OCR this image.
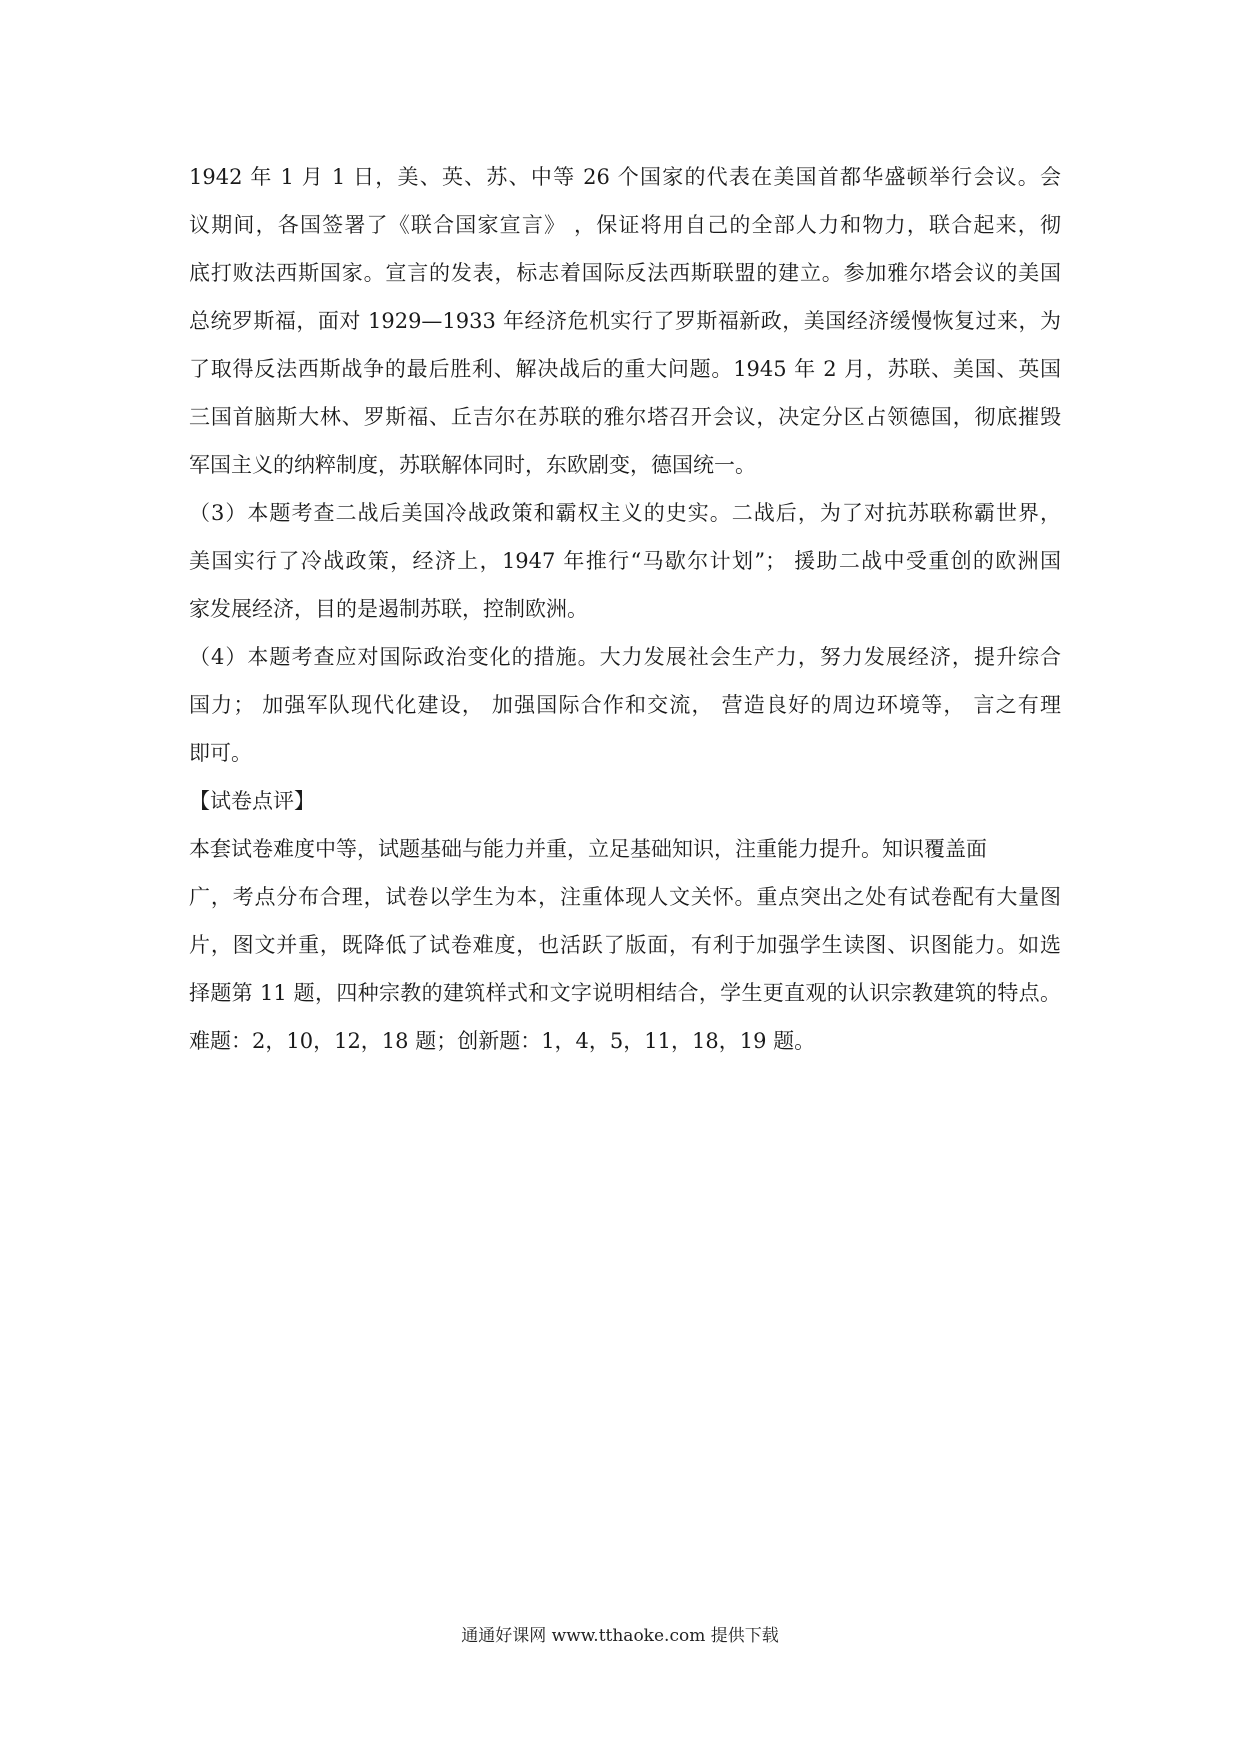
1942 年 1 月 1 日，美、英、苏、中等 26 个国家的代表在美国首都华盛顿举行会议。会
议期间，各国签署了《联合国家宣言》 ，保证将用自己的全部人力和物力，联合起来，彻
底打败法西斯国家。宣言的发表，标志着国际反法西斯联盟的建立。参加雅尔塔会议的美国
总统罗斯福，面对 1929—1933 年经济危机实行了罗斯福新政，美国经济缓慢恢复过来，为
了取得反法西斯战争的最后胜利、解决战后的重大问题。1945 年 2 月，苏联、美国、英国
三国首脑斯大林、罗斯福、丘吉尔在苏联的雅尔塔召开会议，决定分区占领德国，彻底摧毁
军国主义的纳粹制度，苏联解体同时，东欧剧变，德国统一。
（3）本题考查二战后美国冷战政策和霸权主义的史实。二战后，为了对抗苏联称霸世界，
美国实行了冷战政策，经济上，1947 年推行“马歇尔计划”； 援助二战中受重创的欧洲国
家发展经济，目的是遏制苏联，控制欧洲。
（4）本题考查应对国际政治变化的措施。大力发展社会生产力，努力发展经济，提升综合
国力； 加强军队现代化建设， 加强国际合作和交流， 营造良好的周边环境等， 言之有理
即可。
【试卷点评】
本套试卷难度中等，试题基础与能力并重，立足基础知识，注重能力提升。知识覆盖面
广，考点分布合理，试卷以学生为本，注重体现人文关怀。重点突出之处有试卷配有大量图
片，图文并重，既降低了试卷难度，也活跃了版面，有利于加强学生读图、识图能力。如选
择题第 11 题，四种宗教的建筑样式和文字说明相结合，学生更直观的认识宗教建筑的特点。
难题：2，10，12，18 题；创新题：1，4，5，11，18，19 题。
通通好课网 www.tthaoke.com 提供下载
